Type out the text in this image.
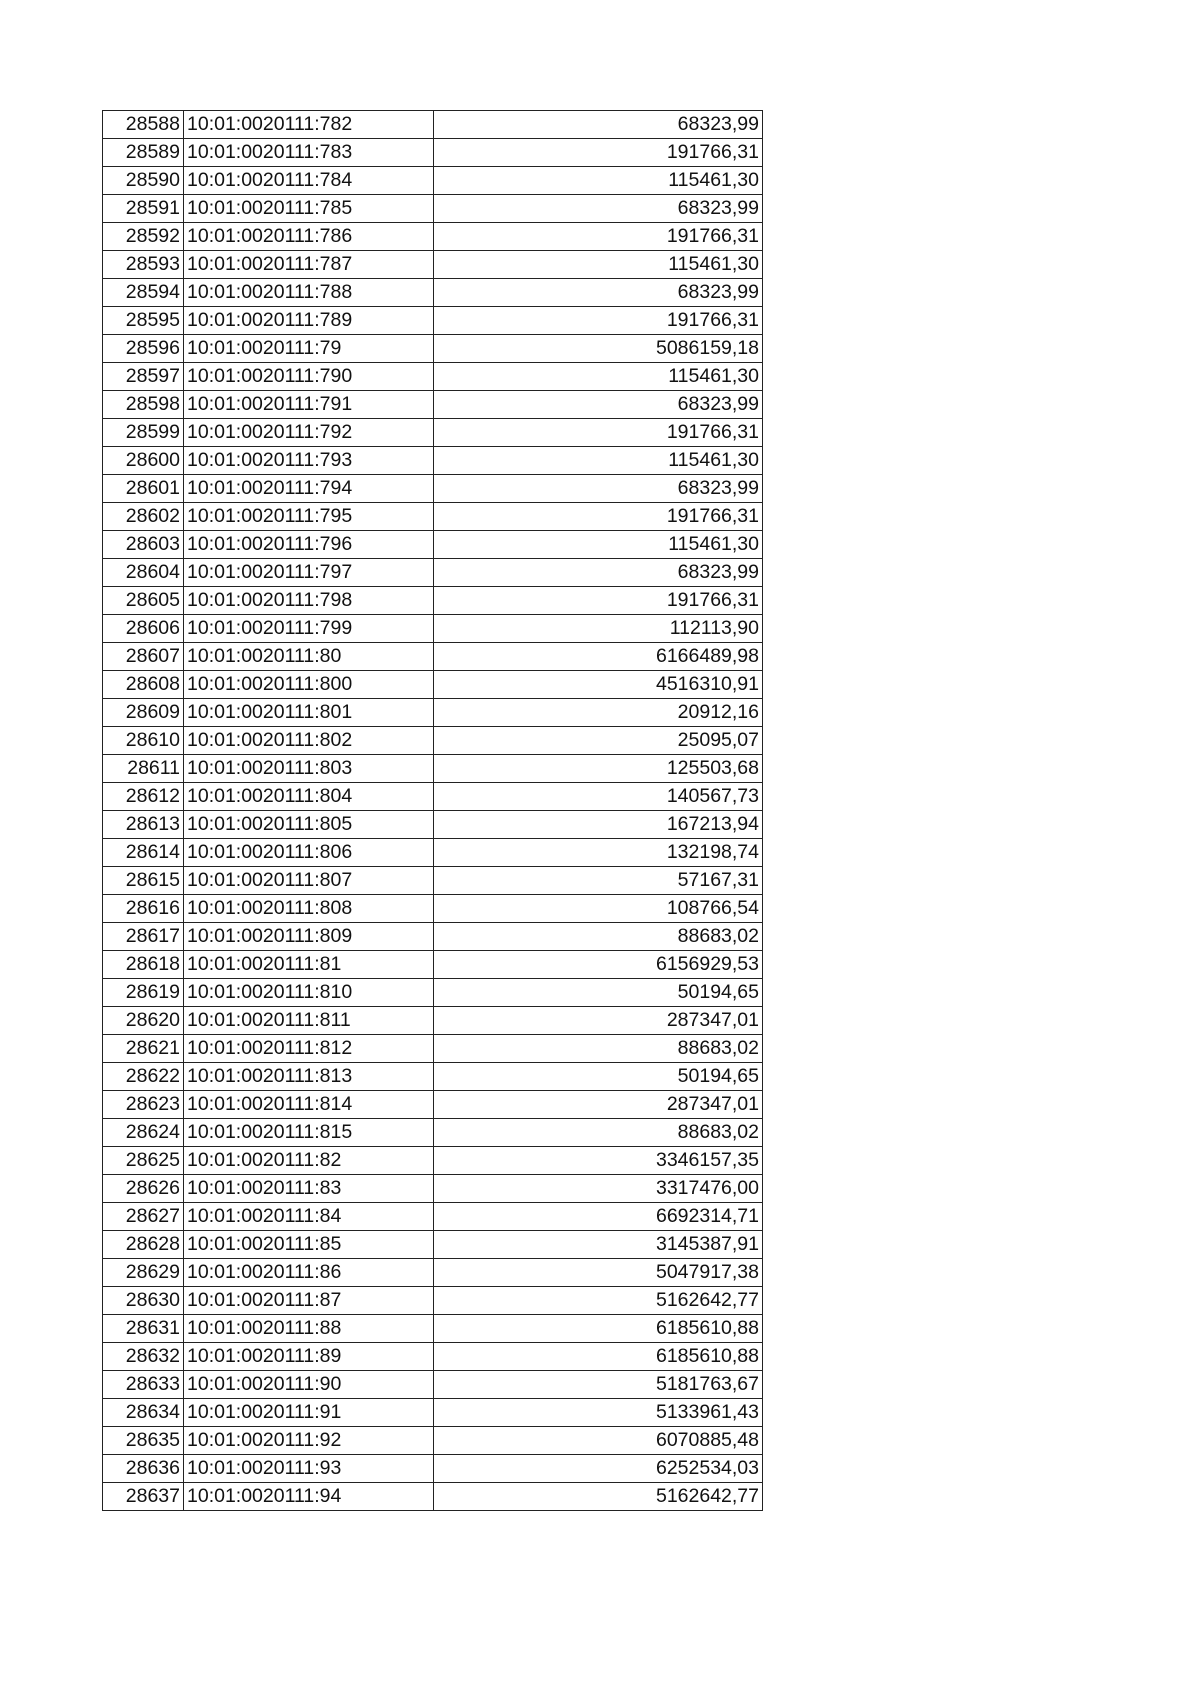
28588	10:01:0020111:782	68323,99
28589	10:01:0020111:783	191766,31
28590	10:01:0020111:784	115461,30
28591	10:01:0020111:785	68323,99
28592	10:01:0020111:786	191766,31
28593	10:01:0020111:787	115461,30
28594	10:01:0020111:788	68323,99
28595	10:01:0020111:789	191766,31
28596	10:01:0020111:79	5086159,18
28597	10:01:0020111:790	115461,30
28598	10:01:0020111:791	68323,99
28599	10:01:0020111:792	191766,31
28600	10:01:0020111:793	115461,30
28601	10:01:0020111:794	68323,99
28602	10:01:0020111:795	191766,31
28603	10:01:0020111:796	115461,30
28604	10:01:0020111:797	68323,99
28605	10:01:0020111:798	191766,31
28606	10:01:0020111:799	112113,90
28607	10:01:0020111:80	6166489,98
28608	10:01:0020111:800	4516310,91
28609	10:01:0020111:801	20912,16
28610	10:01:0020111:802	25095,07
28611	10:01:0020111:803	125503,68
28612	10:01:0020111:804	140567,73
28613	10:01:0020111:805	167213,94
28614	10:01:0020111:806	132198,74
28615	10:01:0020111:807	57167,31
28616	10:01:0020111:808	108766,54
28617	10:01:0020111:809	88683,02
28618	10:01:0020111:81	6156929,53
28619	10:01:0020111:810	50194,65
28620	10:01:0020111:811	287347,01
28621	10:01:0020111:812	88683,02
28622	10:01:0020111:813	50194,65
28623	10:01:0020111:814	287347,01
28624	10:01:0020111:815	88683,02
28625	10:01:0020111:82	3346157,35
28626	10:01:0020111:83	3317476,00
28627	10:01:0020111:84	6692314,71
28628	10:01:0020111:85	3145387,91
28629	10:01:0020111:86	5047917,38
28630	10:01:0020111:87	5162642,77
28631	10:01:0020111:88	6185610,88
28632	10:01:0020111:89	6185610,88
28633	10:01:0020111:90	5181763,67
28634	10:01:0020111:91	5133961,43
28635	10:01:0020111:92	6070885,48
28636	10:01:0020111:93	6252534,03
28637	10:01:0020111:94	5162642,77
